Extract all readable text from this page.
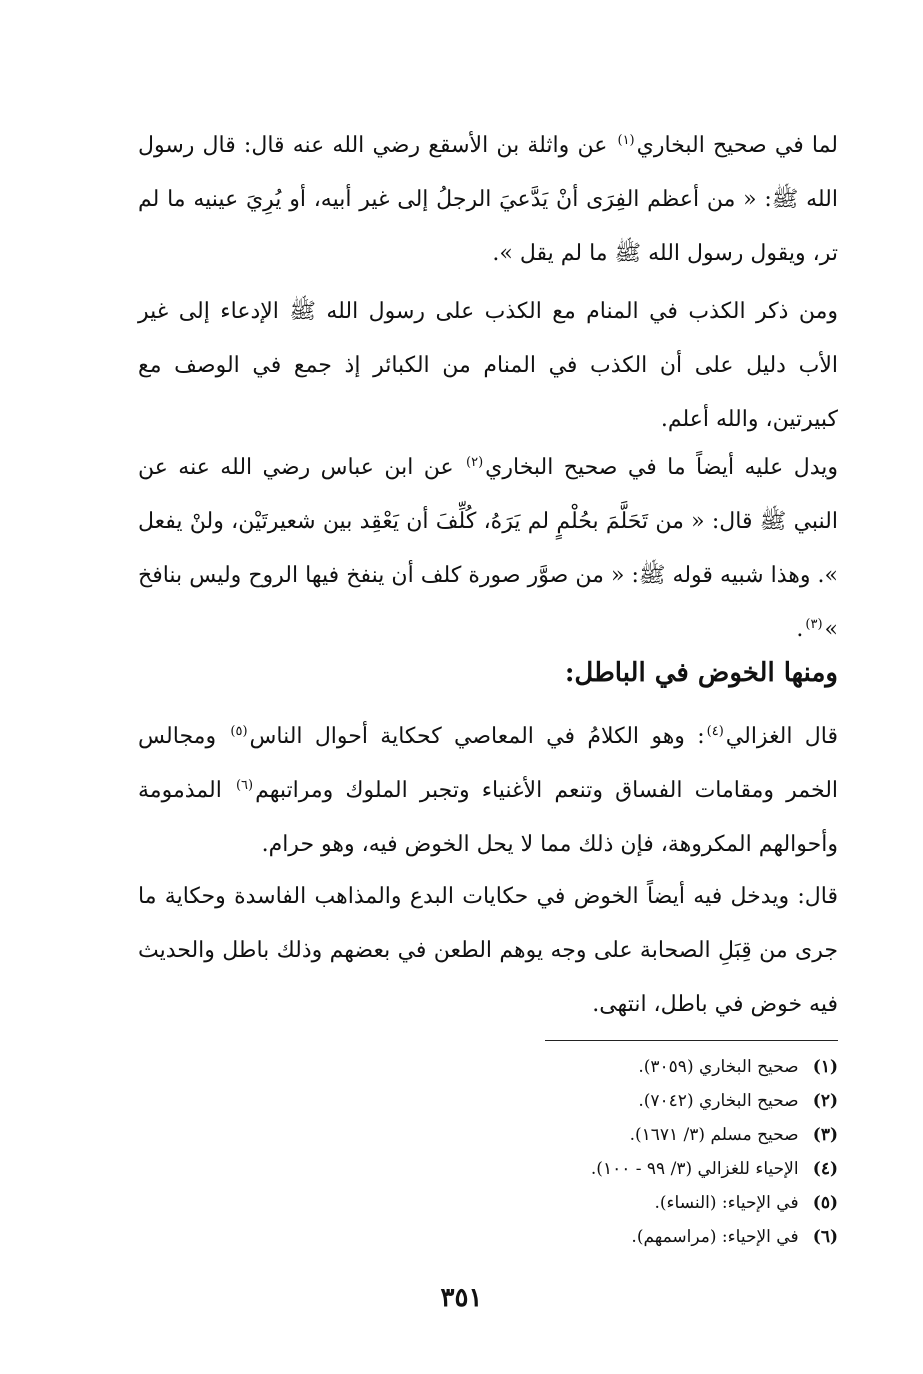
لما في صحيح البخاري$^{(١)}$ عن واثلة بن الأسقع رضي الله عنه قال: قال رسول الله ﷺ: « من أعظم الفِرَى أنْ يَدَّعيَ الرجلُ إلى غير أبيه، أو يُرِيَ عينيه ما لم تر، ويقول رسول الله ﷺ ما لم يقل ».

ومن ذكر الكذب في المنام مع الكذب على رسول الله ﷺ الإدعاء إلى غير الأب دليل على أن الكذب في المنام من الكبائر إذ جمع في الوصف مع كبيرتين، والله أعلم.

ويدل عليه أيضاً ما في صحيح البخاري$^{(٢)}$ عن ابن عباس رضي الله عنه عن النبي ﷺ قال: « من تَحَلَّمَ بحُلْمٍ لم يَرَهُ، كُلِّفَ أن يَعْقِد بين شعيرتَيْن، ولنْ يفعل ». وهذا شبيه قوله ﷺ: « من صوَّر صورة كلف أن ينفخ فيها الروح وليس بنافخ »$^{(٣)}$.

ومنها الخوض في الباطل:

قال الغزالي$^{(٤)}$: وهو الكلامُ في المعاصي كحكاية أحوال الناس$^{(٥)}$ ومجالس الخمر ومقامات الفساق وتنعم الأغنياء وتجبر الملوك ومراتبهم$^{(٦)}$ المذمومة وأحوالهم المكروهة، فإن ذلك مما لا يحل الخوض فيه، وهو حرام.

قال: ويدخل فيه أيضاً الخوض في حكايات البدع والمذاهب الفاسدة وحكاية ما جرى من قِبَلِ الصحابة على وجه يوهم الطعن في بعضهم وذلك باطل والحديث فيه خوض في باطل، انتهى.

(١) صحيح البخاري (٣٠٥٩).
(٢) صحيح البخاري (٧٠٤٢).
(٣) صحيح مسلم (٣/ ١٦٧١).
(٤) الإحياء للغزالي (٣/ ٩٩ - ١٠٠).
(٥) في الإحياء: (النساء).
(٦) في الإحياء: (مراسمهم).
٣٥١
